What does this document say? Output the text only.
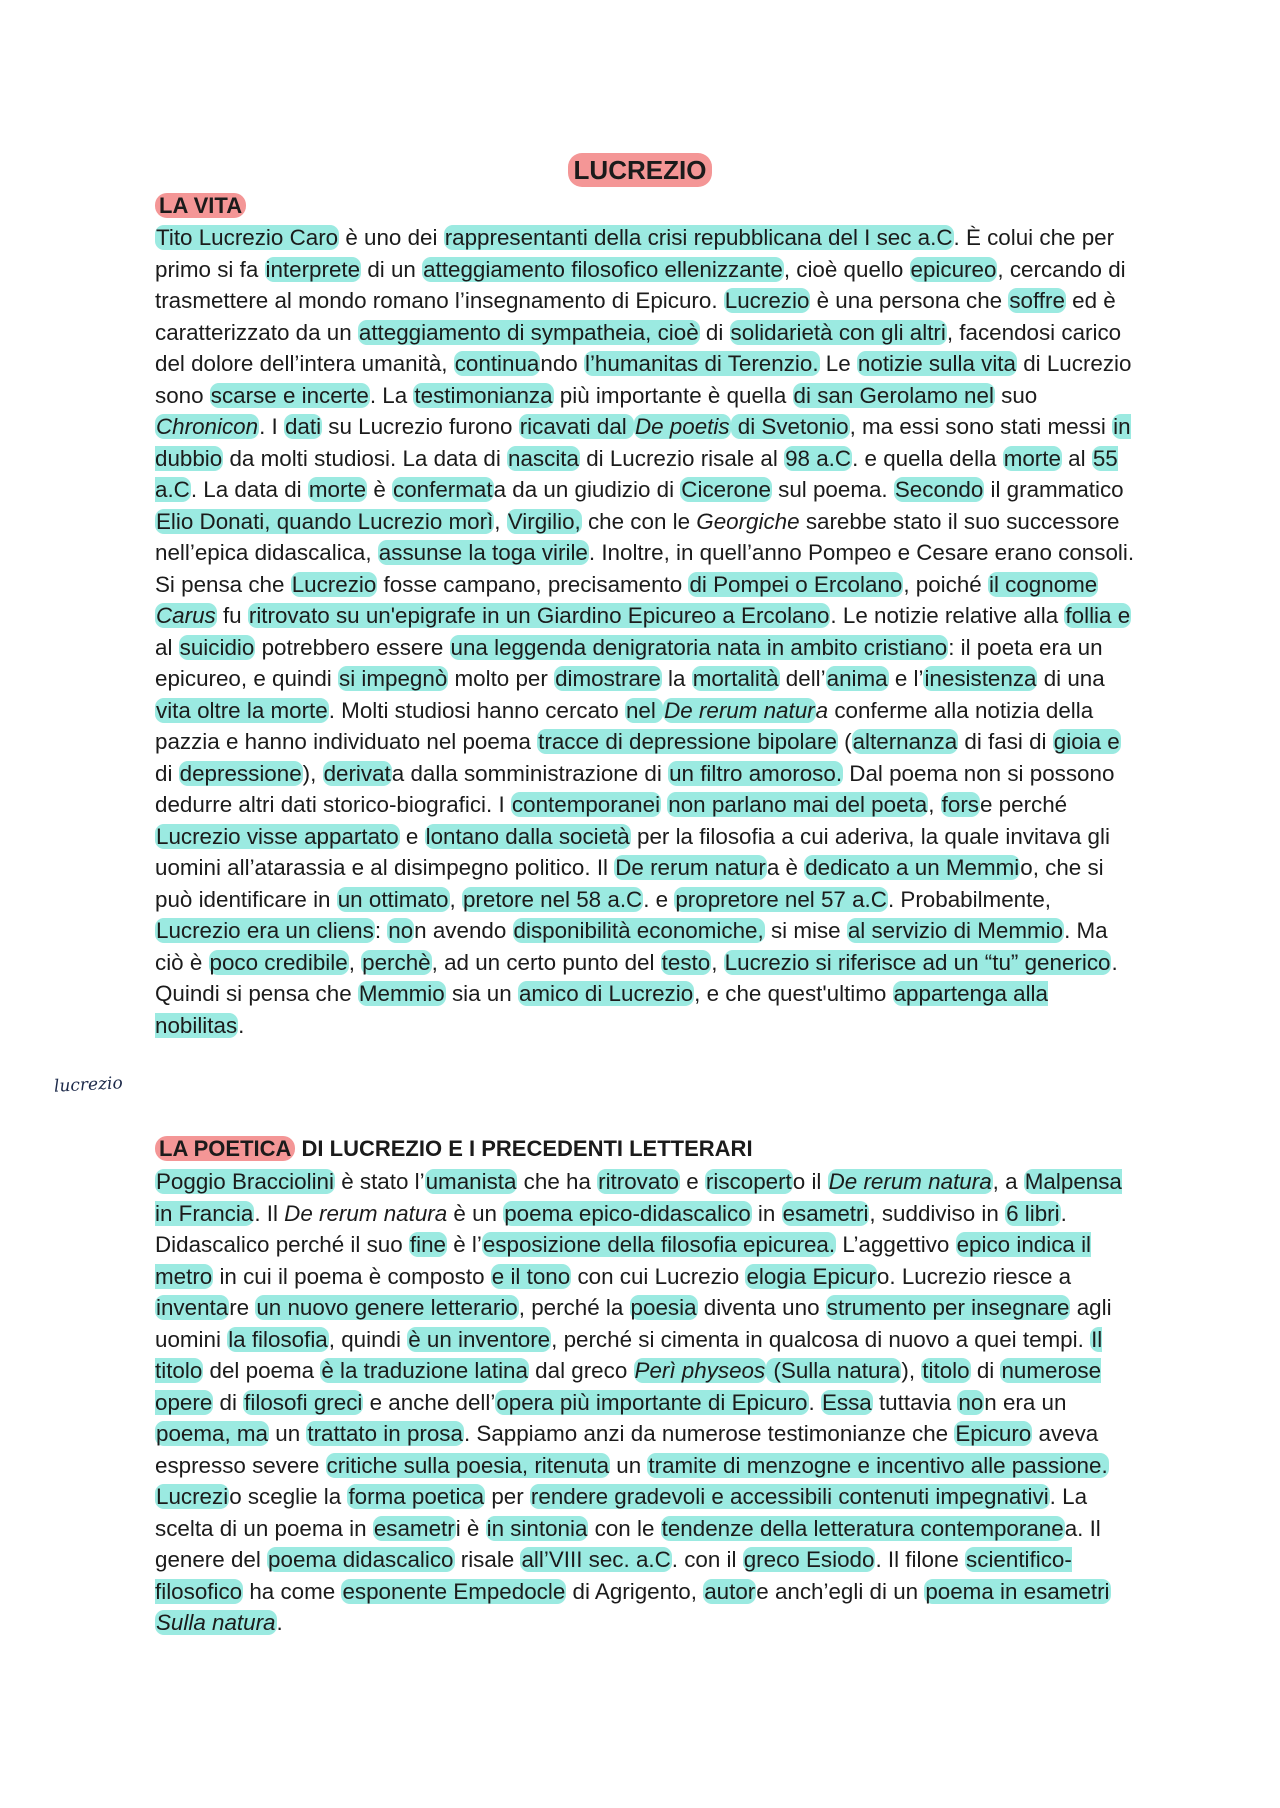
LUCREZIO
LA VITA

Tito Lucrezio Caro è uno dei rappresentanti della crisi repubblicana del I sec a.C. È colui che per primo si fa interprete di un atteggiamento filosofico ellenizzante, cioè quello epicureo, cercando di trasmettere al mondo romano l’insegnamento di Epicuro. Lucrezio è una persona che soffre ed è caratterizzato da un atteggiamento di sympatheia, cioè di solidarietà con gli altri, facendosi carico del dolore dell’intera umanità, continuando l’humanitas di Terenzio. Le notizie sulla vita di Lucrezio sono scarse e incerte. La testimonianza più importante è quella di san Gerolamo nel suo Chronicon. I dati su Lucrezio furono ricavati dal De poetis di Svetonio, ma essi sono stati messi in dubbio da molti studiosi. La data di nascita di Lucrezio risale al 98 a.C. e quella della morte al 55 a.C. La data di morte è confermata da un giudizio di Cicerone sul poema. Secondo il grammatico Elio Donati, quando Lucrezio morì, Virgilio, che con le Georgiche sarebbe stato il suo successore nell’epica didascalica, assunse la toga virile. Inoltre, in quell’anno Pompeo e Cesare erano consoli. Si pensa che Lucrezio fosse campano, precisamento di Pompei o Ercolano, poiché il cognome Carus fu ritrovato su un'epigrafe in un Giardino Epicureo a Ercolano. Le notizie relative alla follia e al suicidio potrebbero essere una leggenda denigratoria nata in ambito cristiano: il poeta era un epicureo, e quindi si impegnò molto per dimostrare la mortalità dell’anima e l’inesistenza di una vita oltre la morte. Molti studiosi hanno cercato nel De rerum natura conferme alla notizia della pazzia e hanno individuato nel poema tracce di depressione bipolare (alternanza di fasi di gioia e di depressione), derivata dalla somministrazione di un filtro amoroso. Dal poema non si possono dedurre altri dati storico-biografici. I contemporanei non parlano mai del poeta, forse perché Lucrezio visse appartato e lontano dalla società per la filosofia a cui aderiva, la quale invitava gli uomini all’atarassia e al disimpegno politico. Il De rerum natura è dedicato a un Memmio, che si può identificare in un ottimato, pretore nel 58 a.C. e propretore nel 57 a.C. Probabilmente, Lucrezio era un cliens: non avendo disponibilità economiche, si mise al servizio di Memmio. Ma ciò è poco credibile, perchè, ad un certo punto del testo, Lucrezio si riferisce ad un “tu” generico. Quindi si pensa che Memmio sia un amico di Lucrezio, e che quest'ultimo appartenga alla nobilitas.

lucrezio
LA POETICA DI LUCREZIO E I PRECEDENTI LETTERARI

Poggio Bracciolini è stato l’umanista che ha ritrovato e riscoperto il De rerum natura, a Malpensa in Francia. Il De rerum natura è un poema epico-didascalico in esametri, suddiviso in 6 libri. Didascalico perché il suo fine è l’esposizione della filosofia epicurea. L’aggettivo epico indica il metro in cui il poema è composto e il tono con cui Lucrezio elogia Epicuro. Lucrezio riesce a inventare un nuovo genere letterario, perché la poesia diventa uno strumento per insegnare agli uomini la filosofia, quindi è un inventore, perché si cimenta in qualcosa di nuovo a quei tempi. Il titolo del poema è la traduzione latina dal greco Perì physeos (Sulla natura), titolo di numerose opere di filosofi greci e anche dell’opera più importante di Epicuro. Essa tuttavia non era un poema, ma un trattato in prosa. Sappiamo anzi da numerose testimonianze che Epicuro aveva espresso severe critiche sulla poesia, ritenuta un tramite di menzogne e incentivo alle passione. Lucrezio sceglie la forma poetica per rendere gradevoli e accessibili contenuti impegnativi. La scelta di un poema in esametri è in sintonia con le tendenze della letteratura contemporanea. Il genere del poema didascalico risale all’VIII sec. a.C. con il greco Esiodo. Il filone scientifico-filosofico ha come esponente Empedocle di Agrigento, autore anch’egli di un poema in esametri Sulla natura.
